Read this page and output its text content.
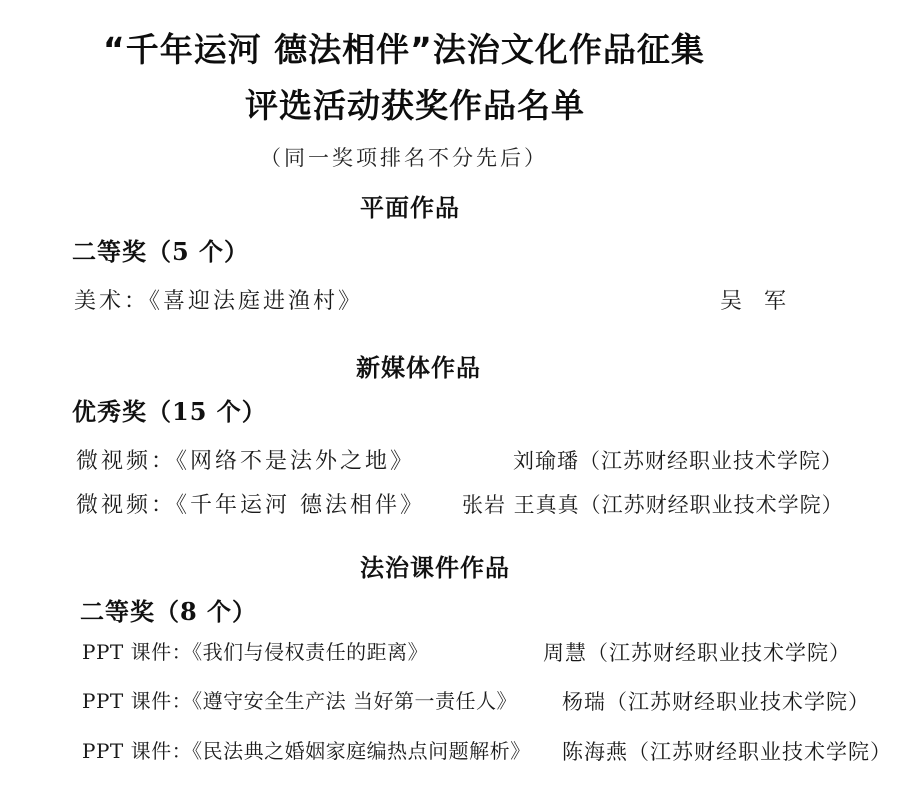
“千年运河 德法相伴”法治文化作品征集
评选活动获奖作品名单
（同一奖项排名不分先后）
平面作品
二等奖（5 个）
美术：《喜迎法庭进渔村》	吴军
新媒体作品
优秀奖（15 个）
微视频：《网络不是法外之地》	刘瑜璠（江苏财经职业技术学院）
微视频：《千年运河 德法相伴》 张岩 王真真（江苏财经职业技术学院）
法治课件作品
二等奖（8 个）
PPT 课件：《我们与侵权责任的距离》	周慧（江苏财经职业技术学院）
PPT 课件：《遵守安全生产法 当好第一责任人》 杨瑞（江苏财经职业技术学院）
PPT 课件：《民法典之婚姻家庭编热点问题解析》 陈海燕（江苏财经职业技术学院）
